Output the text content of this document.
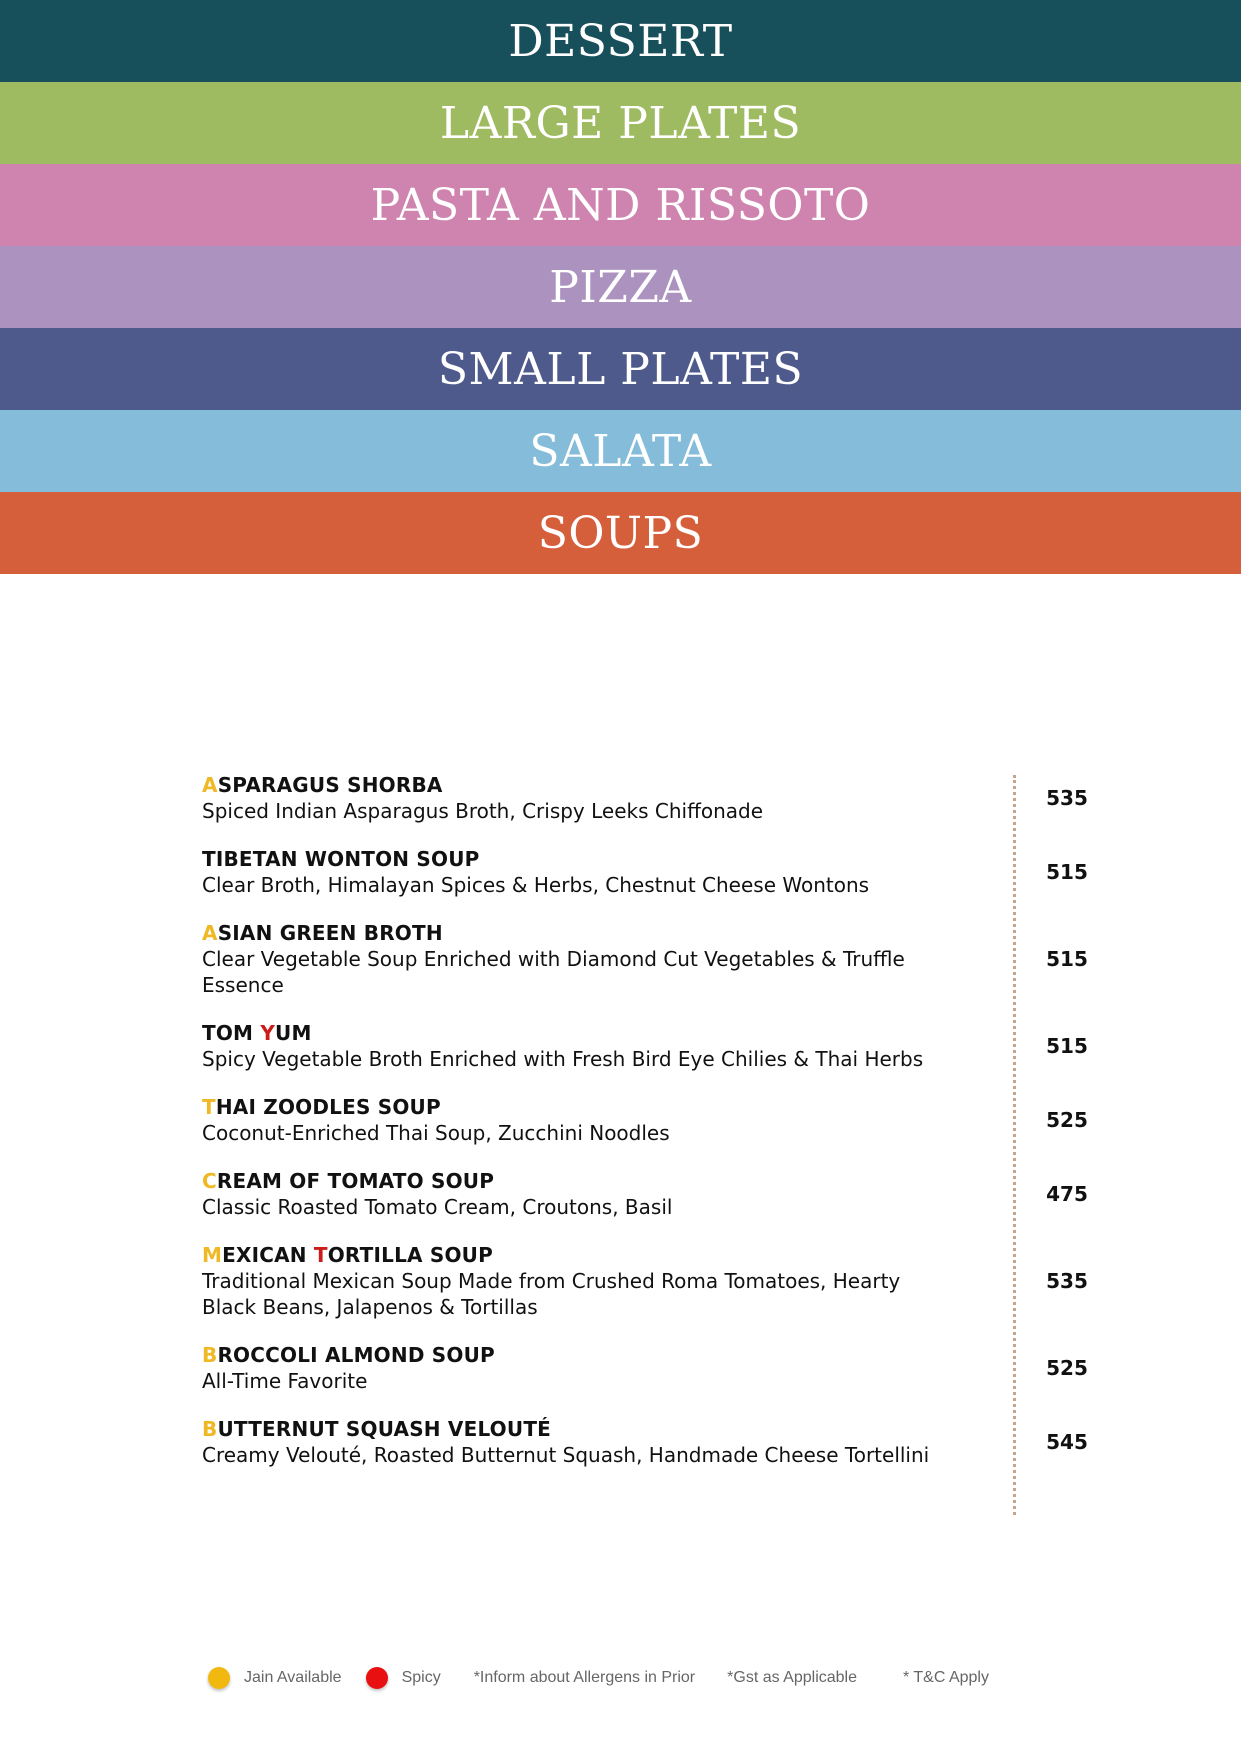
DESSERT
LARGE PLATES
PASTA AND RISSOTO
PIZZA
SMALL PLATES
SALATA
SOUPS
535
ASPARAGUS SHORBA
Spiced Indian Asparagus Broth, Crispy Leeks Chiffonade
515
TIBETAN WONTON SOUP
Clear Broth, Himalayan Spices & Herbs, Chestnut Cheese Wontons
515
ASIAN GREEN BROTH
Clear Vegetable Soup Enriched with Diamond Cut Vegetables & Truffle Essence
515
TOM YUM
Spicy Vegetable Broth Enriched with Fresh Bird Eye Chilies & Thai Herbs
525
THAI ZOODLES SOUP
Coconut-Enriched Thai Soup, Zucchini Noodles
475
CREAM OF TOMATO SOUP
Classic Roasted Tomato Cream, Croutons, Basil
535
MEXICAN TORTILLA SOUP
Traditional Mexican Soup Made from Crushed Roma Tomatoes, Hearty Black Beans, Jalapenos & Tortillas
525
BROCCOLI ALMOND SOUP
All-Time Favorite
545
BUTTERNUT SQUASH VELOUTÉ
Creamy Velouté, Roasted Butternut Squash, Handmade Cheese Tortellini
Jain Available	Spicy *Inform about Allergens in Prior *Gst as Applicable	* T&C Apply
